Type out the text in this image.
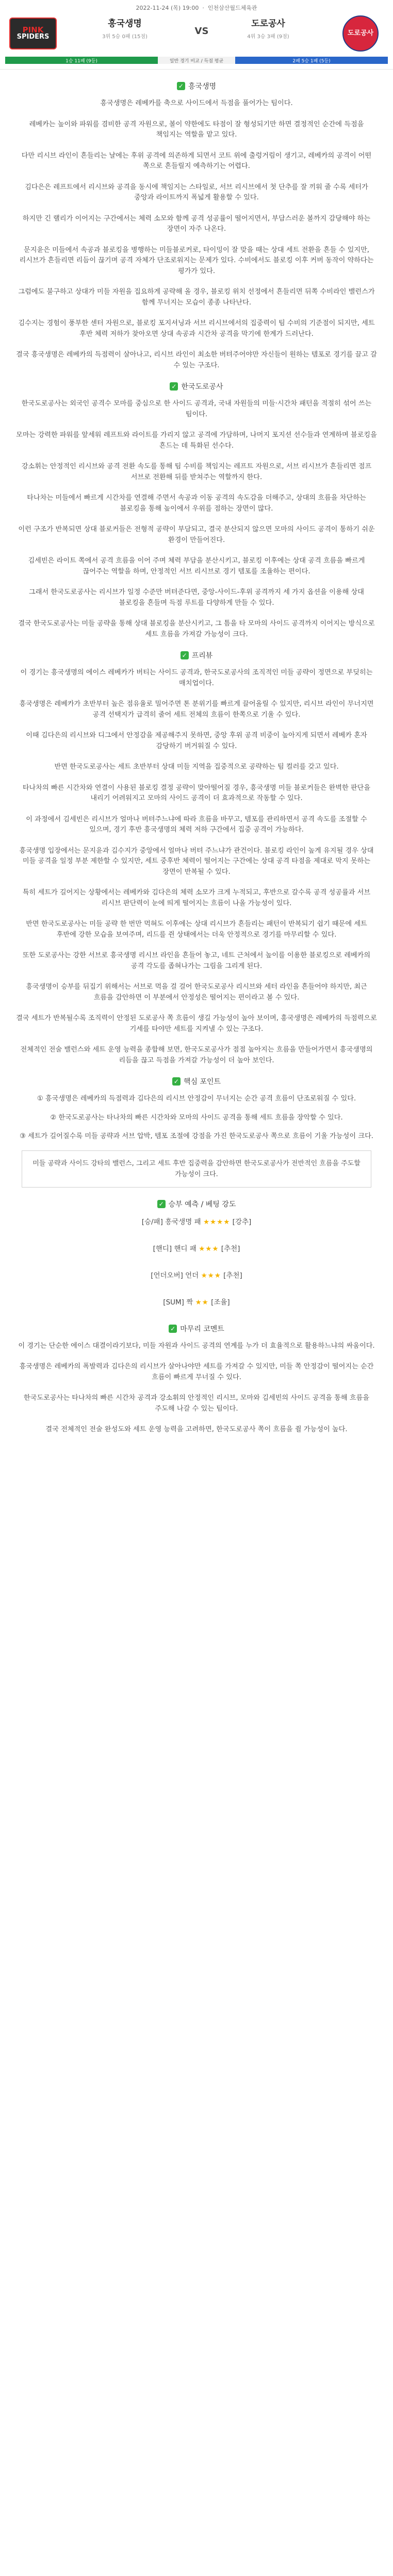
2022-11-24 (목) 19:00  ·  인천삼산월드체육관
PINK
SPIDERS
흥국생명
3위 5승 0패 (15점)
VS
도로공사
4위 3승 3패 (9점)	도로공사
1승 11패 (9등)	일반 경기 비교 / 득점 평균	2패 5승 1패 (5등)
✓ 흥국생명

흥국생명은 레베카를 축으로 사이드에서 득점을 풀어가는 팀이다.

레베카는 높이와 파워를 겸비한 공격 자원으로, 볼이 약한에도 타점이 잘 형성되기만 하면 결정적인 순간에 득점을 책임지는 역할을 맡고 있다.

다만 리시브 라인이 흔들리는 날에는 후위 공격에 의존하게 되면서 코트 위에 출렁거림이 생기고, 레베카의 공격이 어떤 쪽으로 흔들릴지 예측하기는 어렵다.

김다은은 레프트에서 리시브와 공격을 동시에 책임지는 스타일로, 서브 리시브에서 첫 단추를 잘 끼워 줄 수록 세터가 중앙과 라이트까지 폭넓게 활용할 수 있다.

하지만 긴 랠리가 이어지는 구간에서는 체력 소모와 함께 공격 성공률이 떨어지면서, 부담스러운 볼까지 감당해야 하는 장면이 자주 나온다.

문지윤은 미들에서 속공과 블로킹을 병행하는 미들블로커로, 타이밍이 잘 맞을 때는 상대 세트 전환을 흔들 수 있지만, 리시브가 흔들리면 리듬이 끊기며 공격 자체가 단조로워지는 문제가 있다. 수비에서도 블로킹 이후 커버 동작이 약하다는 평가가 있다.

그럼에도 불구하고 상대가 미들 자원을 집요하게 공략해 올 경우, 블로킹 위치 선정에서 흔들리면 뒤쪽 수비라인 밸런스가 함께 무너지는 모습이 종종 나타난다.

김수지는 경험이 풍부한 센터 자원으로, 블로킹 포지셔닝과 서브 리시브에서의 집중력이 팀 수비의 기준점이 되지만, 세트 후반 체력 저하가 찾아오면 상대 속공과 시간차 공격을 막기에 한계가 드러난다.

결국 흥국생명은 레베카의 득점력이 살아나고, 리시브 라인이 최소한 버텨주어야만 자신들이 원하는 템포로 경기를 끌고 갈 수 있는 구조다.

✓ 한국도로공사

한국도로공사는 외국인 공격수 모마를 중심으로 한 사이드 공격과, 국내 자원들의 미들·시간차 패턴을 적절히 섞어 쓰는 팀이다.

모마는 강력한 파워를 앞세워 레프트와 라이트를 가리지 않고 공격에 가담하며, 나머지 포지션 선수들과 연계하며 블로킹을 흔드는 데 특화된 선수다.

강소휘는 안정적인 리시브와 공격 전환 속도를 통해 팀 수비를 책임지는 레프트 자원으로, 서브 리시브가 흔들리면 점프 서브로 전환해 뒤를 받쳐주는 역할까지 한다.

타나차는 미들에서 빠르게 시간차를 연결해 주면서 속공과 이동 공격의 속도감을 더해주고, 상대의 흐름을 차단하는 블로킹을 통해 높이에서 우위를 점하는 장면이 많다.

이런 구조가 반복되면 상대 블로커들은 전형적 공략이 부담되고, 결국 분산되지 않으면 모마의 사이드 공격이 통하기 쉬운 환경이 만들어진다.

김세빈은 라이트 쪽에서 공격 흐름을 이어 주며 체력 부담을 분산시키고, 블로킹 이후에는 상대 공격 흐름을 빠르게 끊어주는 역할을 하며, 안정적인 서브 리시브로 경기 템포를 조율하는 편이다.

그래서 한국도로공사는 리시브가 일정 수준만 버텨준다면, 중앙-사이드-후위 공격까지 세 가지 옵션을 이용해 상대 블로킹을 흔들며 득점 루트를 다양하게 만들 수 있다.

결국 한국도로공사는 미들 공략을 통해 상대 블로킹을 분산시키고, 그 틈을 타 모마의 사이드 공격까지 이어지는 방식으로 세트 흐름을 가져갈 가능성이 크다.

✓ 프리뷰

이 경기는 흥국생명의 에이스 레베카가 버티는 사이드 공격과, 한국도로공사의 조직적인 미들 공략이 정면으로 부딪히는 매치업이다.

흥국생명은 레베카가 초반부터 높은 점유율로 밀어주면 톤 분위기를 빠르게 끌어올릴 수 있지만, 리시브 라인이 무너지면 공격 선택지가 급격히 줄어 세트 전체의 흐름이 한쪽으로 기울 수 있다.

이때 김다은의 리시브와 디그에서 안정감을 제공해주지 못하면, 중앙 후위 공격 비중이 높아지게 되면서 레베카 혼자 감당하기 버거워질 수 있다.

반면 한국도로공사는 세트 초반부터 상대 미들 지역을 집중적으로 공략하는 팀 컬러를 갖고 있다.

타나차의 빠른 시간차와 연결이 사용된 블로킹 결정 공략이 맞아떨어질 경우, 흥국생명 미들 블로커들은 완벽한 판단을 내리기 어려워지고 모마의 사이드 공격이 더 효과적으로 작동할 수 있다.

이 과정에서 김세빈은 리시브가 얼마나 버텨주느냐에 따라 흐름을 바꾸고, 템포를 관리하면서 공격 속도를 조절할 수 있으며, 경기 후반 흥국생명의 체력 저하 구간에서 집중 공격이 가능하다.

흥국생명 입장에서는 문지윤과 김수지가 중앙에서 얼마나 버텨 주느냐가 관건이다. 블로킹 라인이 높게 유지될 경우 상대 미들 공격을 일정 부분 제한할 수 있지만, 세트 중후반 체력이 떨어지는 구간에는 상대 공격 타점을 제대로 막지 못하는 장면이 반복될 수 있다.

특히 세트가 길어지는 상황에서는 레베카와 김다은의 체력 소모가 크게 누적되고, 후반으로 갈수록 공격 성공률과 서브 리시브 판단력이 눈에 띄게 떨어지는 흐름이 나올 가능성이 있다.

반면 한국도로공사는 미들 공략 한 번만 먹혀도 이후에는 상대 리시브가 흔들리는 패턴이 반복되기 쉽기 때문에 세트 후반에 강한 모습을 보여주며, 리드를 쥔 상태에서는 더욱 안정적으로 경기를 마무리할 수 있다.

또한 도로공사는 강한 서브로 흥국생명 리시브 라인을 흔들어 놓고, 네트 근처에서 높이를 이용한 블로킹으로 레베카의 공격 각도를 좁혀나가는 그림을 그리게 된다.

흥국생명이 승부를 뒤집기 위해서는 서브로 먹을 걸 걸어 한국도로공사 리시브와 세터 라인을 흔들어야 하지만, 최근 흐름을 감안하면 이 부분에서 안정성은 떨어지는 편이라고 볼 수 있다.

결국 세트가 반복될수록 조직력이 안정된 도로공사 쪽 흐름이 생길 가능성이 높아 보이며, 흥국생명은 레베카의 득점력으로 기세를 타야만 세트를 지켜낼 수 있는 구조다.

전체적인 전술 밸런스와 세트 운영 능력을 종합해 보면, 한국도로공사가 점점 높아지는 흐름을 만들어가면서 흥국생명의 리듬을 끊고 득점을 가져갈 가능성이 더 높아 보인다.

✓ 핵심 포인트

① 흥국생명은 레베카의 득점력과 김다은의 리시브 안정감이 무너지는 순간 공격 흐름이 단조로워질 수 있다.

② 한국도로공사는 타나차의 빠른 시간차와 모마의 사이드 공격을 통해 세트 흐름을 장악할 수 있다.

③ 세트가 길어질수록 미들 공략과 서브 압박, 템포 조절에 강점을 가진 한국도로공사 쪽으로 흐름이 기울 가능성이 크다.

미들 공략과 사이드 강타의 밸런스, 그리고 세트 후반 집중력을 감안하면 한국도로공사가 전반적인 흐름을 주도할 가능성이 크다.
✓ 승부 예측 / 베팅 강도
[승/패] 흥국생명 패 ★★★★ [강추]
[핸디] 핸디 패 ★★★ [추천]
[언더오버] 언더 ★★★ [추천]
[SUM] 짝 ★★ [조율]
✓ 마무리 코멘트

이 경기는 단순한 에이스 대결이라기보다, 미들 자원과 사이드 공격의 연계를 누가 더 효율적으로 활용하느냐의 싸움이다.

흥국생명은 레베카의 폭발력과 김다은의 리시브가 살아나야만 세트를 가져갈 수 있지만, 미들 쪽 안정감이 떨어지는 순간 흐름이 빠르게 무너질 수 있다.

한국도로공사는 타나차의 빠른 시간차 공격과 강소휘의 안정적인 리시브, 모마와 김세빈의 사이드 공격을 통해 흐름을 주도해 나갈 수 있는 팀이다.

결국 전체적인 전술 완성도와 세트 운영 능력을 고려하면, 한국도로공사 쪽이 흐름을 쥘 가능성이 높다.
